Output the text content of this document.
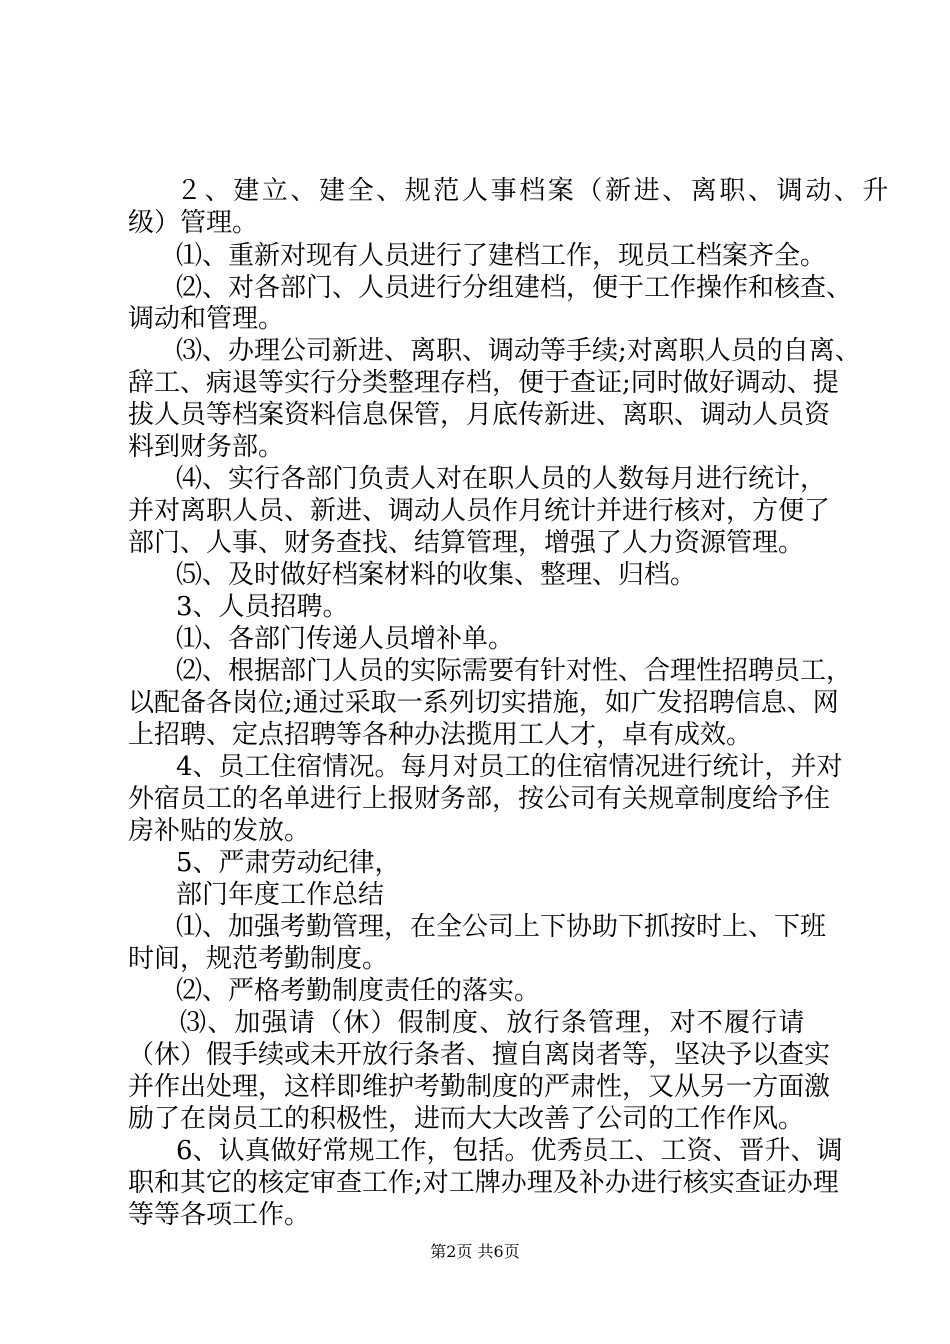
２、建立、建全、规范人事档案（新进、离职、调动、升
级）管理。
⑴、重新对现有人员进行了建档工作，现员工档案齐全。
⑵、对各部门、人员进行分组建档，便于工作操作和核查、
调动和管理。
⑶、办理公司新进、离职、调动等手续;对离职人员的自离、
辞工、病退等实行分类整理存档，便于查证;同时做好调动、提
拔人员等档案资料信息保管，月底传新进、离职、调动人员资
料到财务部。
⑷、实行各部门负责人对在职人员的人数每月进行统计，
并对离职人员、新进、调动人员作月统计并进行核对，方便了
部门、人事、财务查找、结算管理，增强了人力资源管理。
⑸、及时做好档案材料的收集、整理、归档。
3、人员招聘。
⑴、各部门传递人员增补单。
⑵、根据部门人员的实际需要有针对性、合理性招聘员工，
以配备各岗位;通过采取一系列切实措施，如广发招聘信息、网
上招聘、定点招聘等各种办法揽用工人才，卓有成效。
4、员工住宿情况。每月对员工的住宿情况进行统计，并对
外宿员工的名单进行上报财务部，按公司有关规章制度给予住
房补贴的发放。
5、严肃劳动纪律，
部门年度工作总结
⑴、加强考勤管理，在全公司上下协助下抓按时上、下班
时间，规范考勤制度。
⑵、严格考勤制度责任的落实。
⑶、加强请（休）假制度、放行条管理，对不履行请
（休）假手续或未开放行条者、擅自离岗者等，坚决予以查实
并作出处理，这样即维护考勤制度的严肃性，又从另一方面激
励了在岗员工的积极性，进而大大改善了公司的工作作风。
6、认真做好常规工作，包括。优秀员工、工资、晋升、调
职和其它的核定审查工作;对工牌办理及补办进行核实查证办理
等等各项工作。
第2页 共6页
